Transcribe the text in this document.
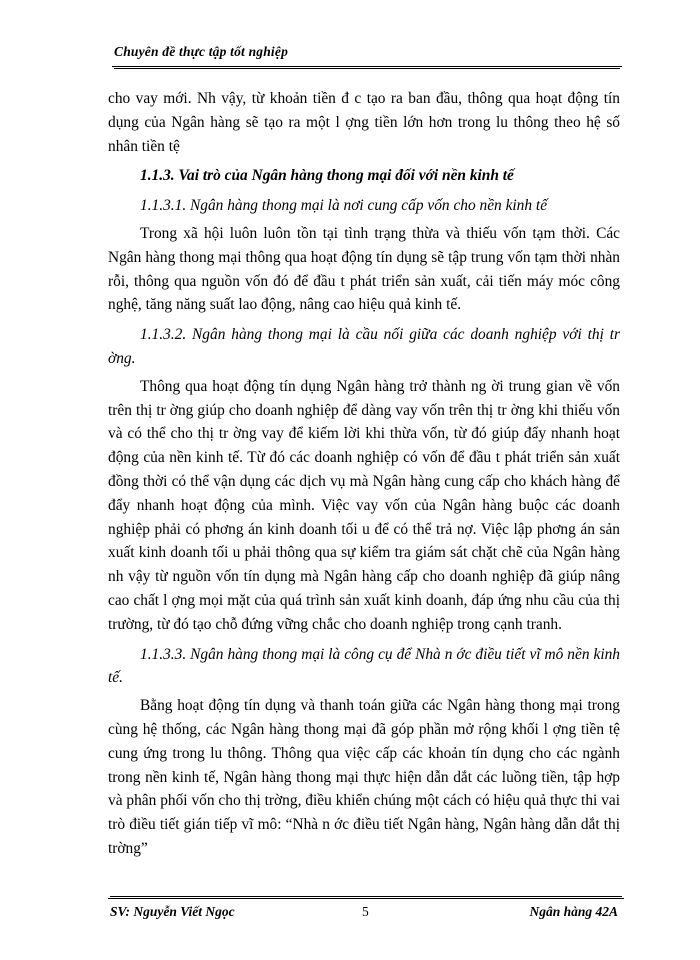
Chuyên đề thực tập tốt nghiệp

cho vay mới. Nh vậy, từ khoản tiền đ c tạo ra ban đầu, thông qua hoạt động tín dụng của Ngân hàng sẽ tạo ra một l ợng tiền lớn hơn trong lu thông theo hệ số nhân tiền tệ

1.1.3. Vai trò của Ngân hàng thong mại đối với nền kinh tế

1.1.3.1. Ngân hàng thong mại là nơi cung cấp vốn cho nền kinh tế

Trong xã hội luôn luôn tồn tại tình trạng thừa và thiếu vốn tạm thời. Các Ngân hàng thong mại thông qua hoạt động tín dụng sẽ tập trung vốn tạm thời nhàn rỗi, thông qua nguồn vốn đó để đầu t phát triển sản xuất, cải tiến máy móc công nghệ, tăng năng suất lao động, nâng cao hiệu quả kinh tế.

1.1.3.2. Ngân hàng thong mại là cầu nối giữa các doanh nghiệp với thị tr ờng.

Thông qua hoạt động tín dụng Ngân hàng trở thành ng ời trung gian về vốn trên thị tr ờng giúp cho doanh nghiệp để dàng vay vốn trên thị tr ờng khi thiếu vốn và có thể cho thị tr ờng vay để kiếm lời khi thừa vốn, từ đó giúp đẩy nhanh hoạt động của nền kinh tế. Từ đó các doanh nghiệp có vốn để đầu t phát triển sản xuất đồng thời có thể vận dụng các dịch vụ mà Ngân hàng cung cấp cho khách hàng để đẩy nhanh hoạt động của mình. Việc vay vốn của Ngân hàng buộc các doanh nghiệp phải có phơng án kinh doanh tối u để có thể trả nợ. Việc lập phơng án sản xuất kinh doanh tối u phải thông qua sự kiểm tra giám sát chặt chẽ của Ngân hàng nh vậy từ nguồn vốn tín dụng mà Ngân hàng cấp cho doanh nghiệp đã giúp nâng cao chất l ợng mọi mặt của quá trình sản xuất kinh doanh, đáp ứng nhu cầu của thị trường, từ đó tạo chỗ đứng vững chắc cho doanh nghiệp trong cạnh tranh.

1.1.3.3. Ngân hàng thong mại là công cụ để Nhà n ớc điều tiết vĩ mô nền kinh tế.

Bằng hoạt động tín dụng và thanh toán giữa các Ngân hàng thong mại trong cùng hệ thống, các Ngân hàng thong mại đã góp phần mở rộng khối l ợng tiền tệ cung ứng trong lu thông. Thông qua việc cấp các khoản tín dụng cho các ngành trong nền kinh tế, Ngân hàng thong mại thực hiện dẫn dắt các luồng tiền, tập hợp và phân phối vốn cho thị trờng, điều khiển chúng một cách có hiệu quả thực thi vai trò điều tiết gián tiếp vĩ mô: “Nhà n ớc điều tiết Ngân hàng, Ngân hàng dẫn dắt thị trờng”

SV: Nguyễn Viết Ngọc	5	Ngân hàng 42A
